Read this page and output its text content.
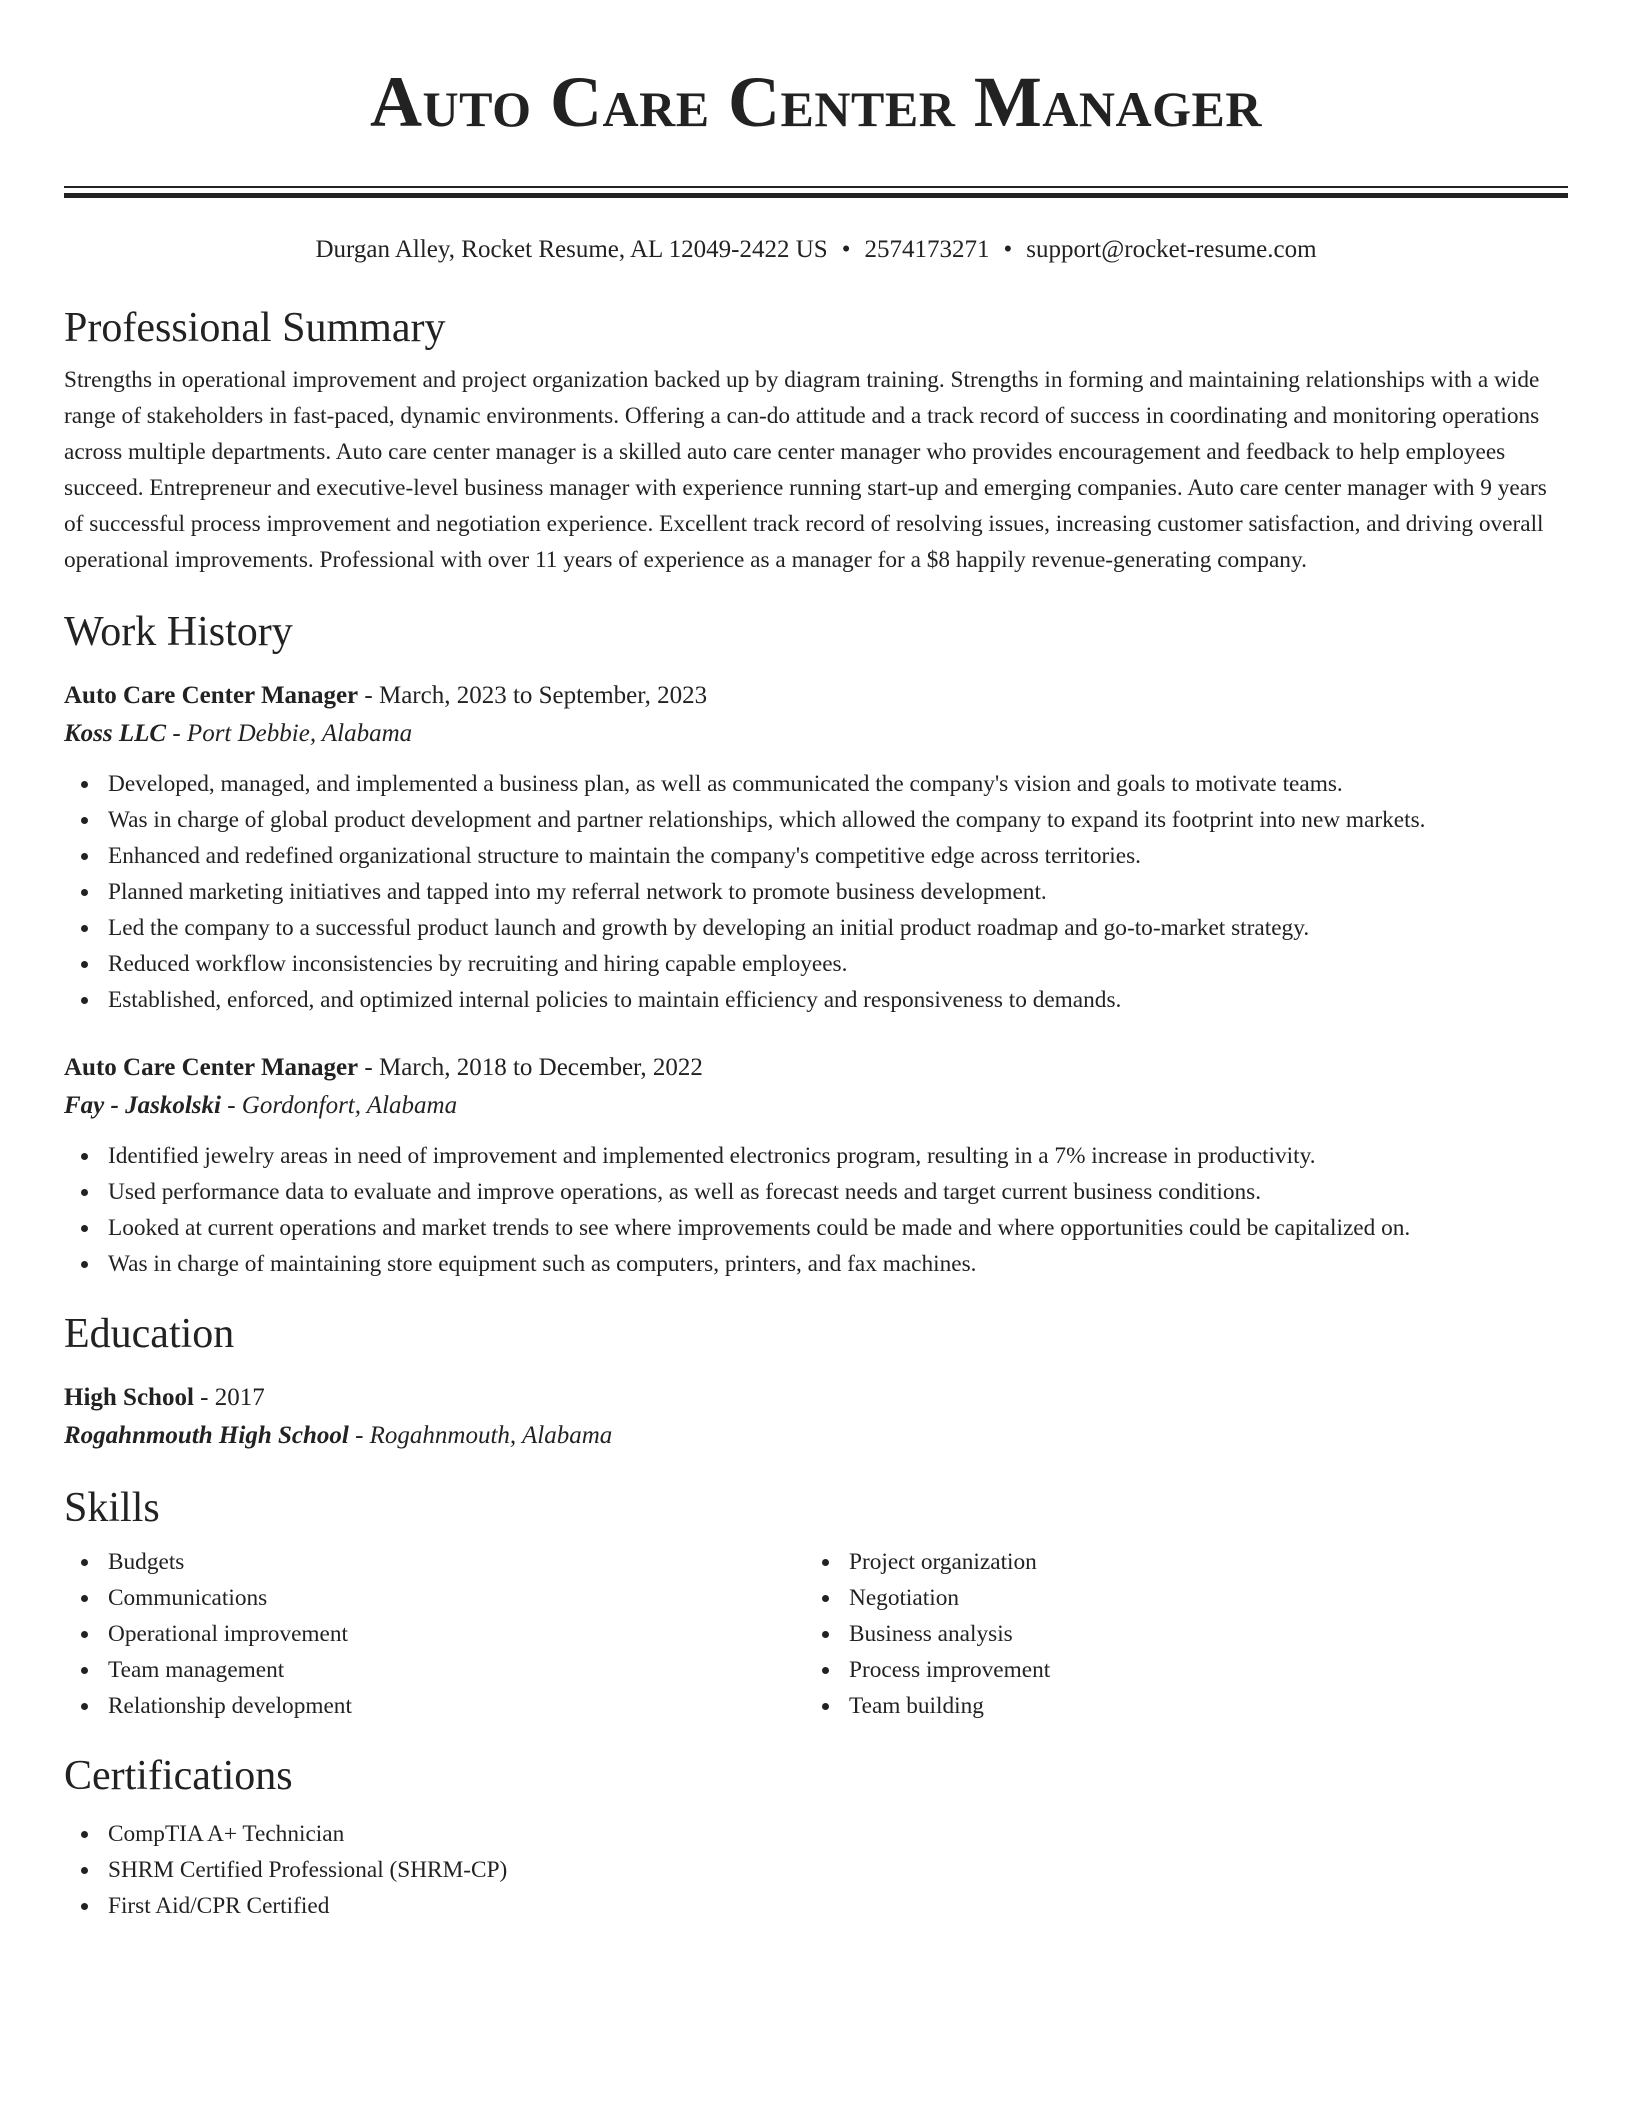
Auto Care Center Manager
Durgan Alley, Rocket Resume, AL 12049-2422 US • 2574173271 • support@rocket-resume.com
Professional Summary

Strengths in operational improvement and project organization backed up by diagram training. Strengths in forming and maintaining relationships with a wide range of stakeholders in fast-paced, dynamic environments. Offering a can-do attitude and a track record of success in coordinating and monitoring operations across multiple departments. Auto care center manager is a skilled auto care center manager who provides encouragement and feedback to help employees succeed. Entrepreneur and executive-level business manager with experience running start-up and emerging companies. Auto care center manager with 9 years of successful process improvement and negotiation experience. Excellent track record of resolving issues, increasing customer satisfaction, and driving overall operational improvements. Professional with over 11 years of experience as a manager for a $8 happily revenue-generating company.

Work History
Auto Care Center Manager - March, 2023 to September, 2023
Koss LLC - Port Debbie, Alabama
Developed, managed, and implemented a business plan, as well as communicated the company's vision and goals to motivate teams.
Was in charge of global product development and partner relationships, which allowed the company to expand its footprint into new markets.
Enhanced and redefined organizational structure to maintain the company's competitive edge across territories.
Planned marketing initiatives and tapped into my referral network to promote business development.
Led the company to a successful product launch and growth by developing an initial product roadmap and go-to-market strategy.
Reduced workflow inconsistencies by recruiting and hiring capable employees.
Established, enforced, and optimized internal policies to maintain efficiency and responsiveness to demands.
Auto Care Center Manager - March, 2018 to December, 2022
Fay - Jaskolski - Gordonfort, Alabama
Identified jewelry areas in need of improvement and implemented electronics program, resulting in a 7% increase in productivity.
Used performance data to evaluate and improve operations, as well as forecast needs and target current business conditions.
Looked at current operations and market trends to see where improvements could be made and where opportunities could be capitalized on.
Was in charge of maintaining store equipment such as computers, printers, and fax machines.
Education
High School - 2017
Rogahnmouth High School - Rogahnmouth, Alabama
Skills
Budgets
Communications
Operational improvement
Team management
Relationship development
Project organization
Negotiation
Business analysis
Process improvement
Team building
Certifications
CompTIA A+ Technician
SHRM Certified Professional (SHRM-CP)
First Aid/CPR Certified
